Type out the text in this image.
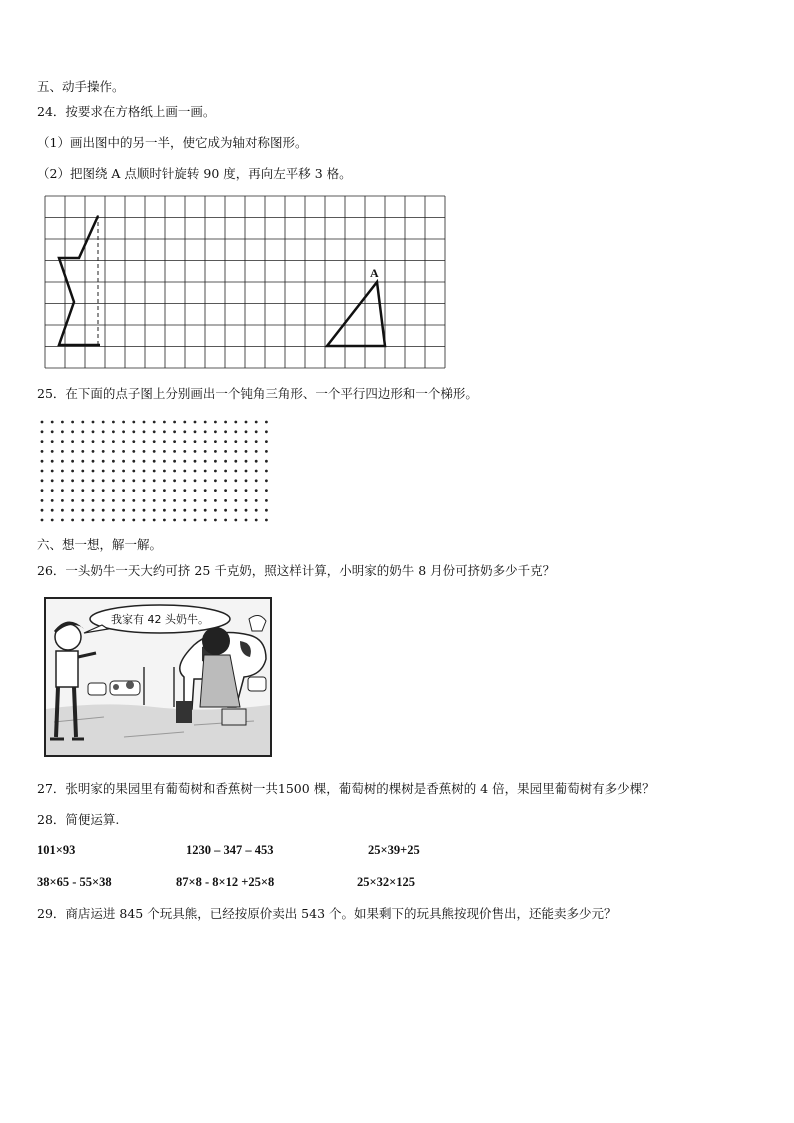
五、动手操作。
24．按要求在方格纸上画一画。
（1）画出图中的另一半，使它成为轴对称图形。
（2）把图绕 A 点顺时针旋转 90 度，再向左平移 3 格。
A
25．在下面的点子图上分别画出一个钝角三角形、一个平行四边形和一个梯形。
六、想一想，解一解。
26．一头奶牛一天大约可挤 25 千克奶，照这样计算，小明家的奶牛 8 月份可挤奶多少千克？
我家有 42 头奶牛。
27．张明家的果园里有葡萄树和香蕉树一共1500 棵，葡萄树的棵树是香蕉树的 4 倍，果园里葡萄树有多少棵？
28．简便运算.
101×93	1230 – 347 – 453	25×39+25
38×65 - 55×38	87×8 - 8×12 +25×8	25×32×125
29．商店运进 845 个玩具熊，已经按原价卖出 543 个。如果剩下的玩具熊按现价售出，还能卖多少元？
